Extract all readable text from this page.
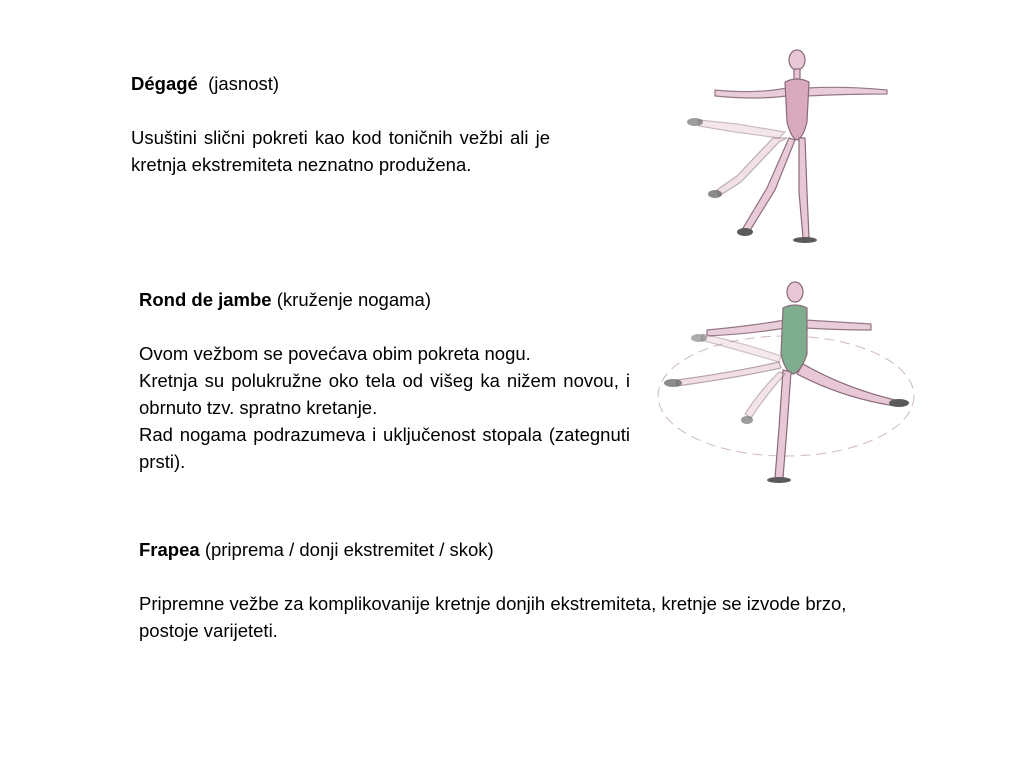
Dégagé (jasnost)

Usuštini slični pokreti kao kod toničnih vežbi ali je kretnja ekstremiteta neznatno produžena.

Rond de jambe (kruženje nogama)

Ovom vežbom se povećava obim pokreta nogu.

Kretnja su polukružne oko tela od višeg ka nižem novou, i obrnuto tzv. spratno kretanje.

Rad nogama podrazumeva i uključenost stopala (zategnuti prsti).

Frapea (priprema / donji ekstremitet / skok)

Pripremne vežbe za komplikovanije kretnje donjih ekstremiteta, kretnje se izvode brzo, postoje varijeteti.
